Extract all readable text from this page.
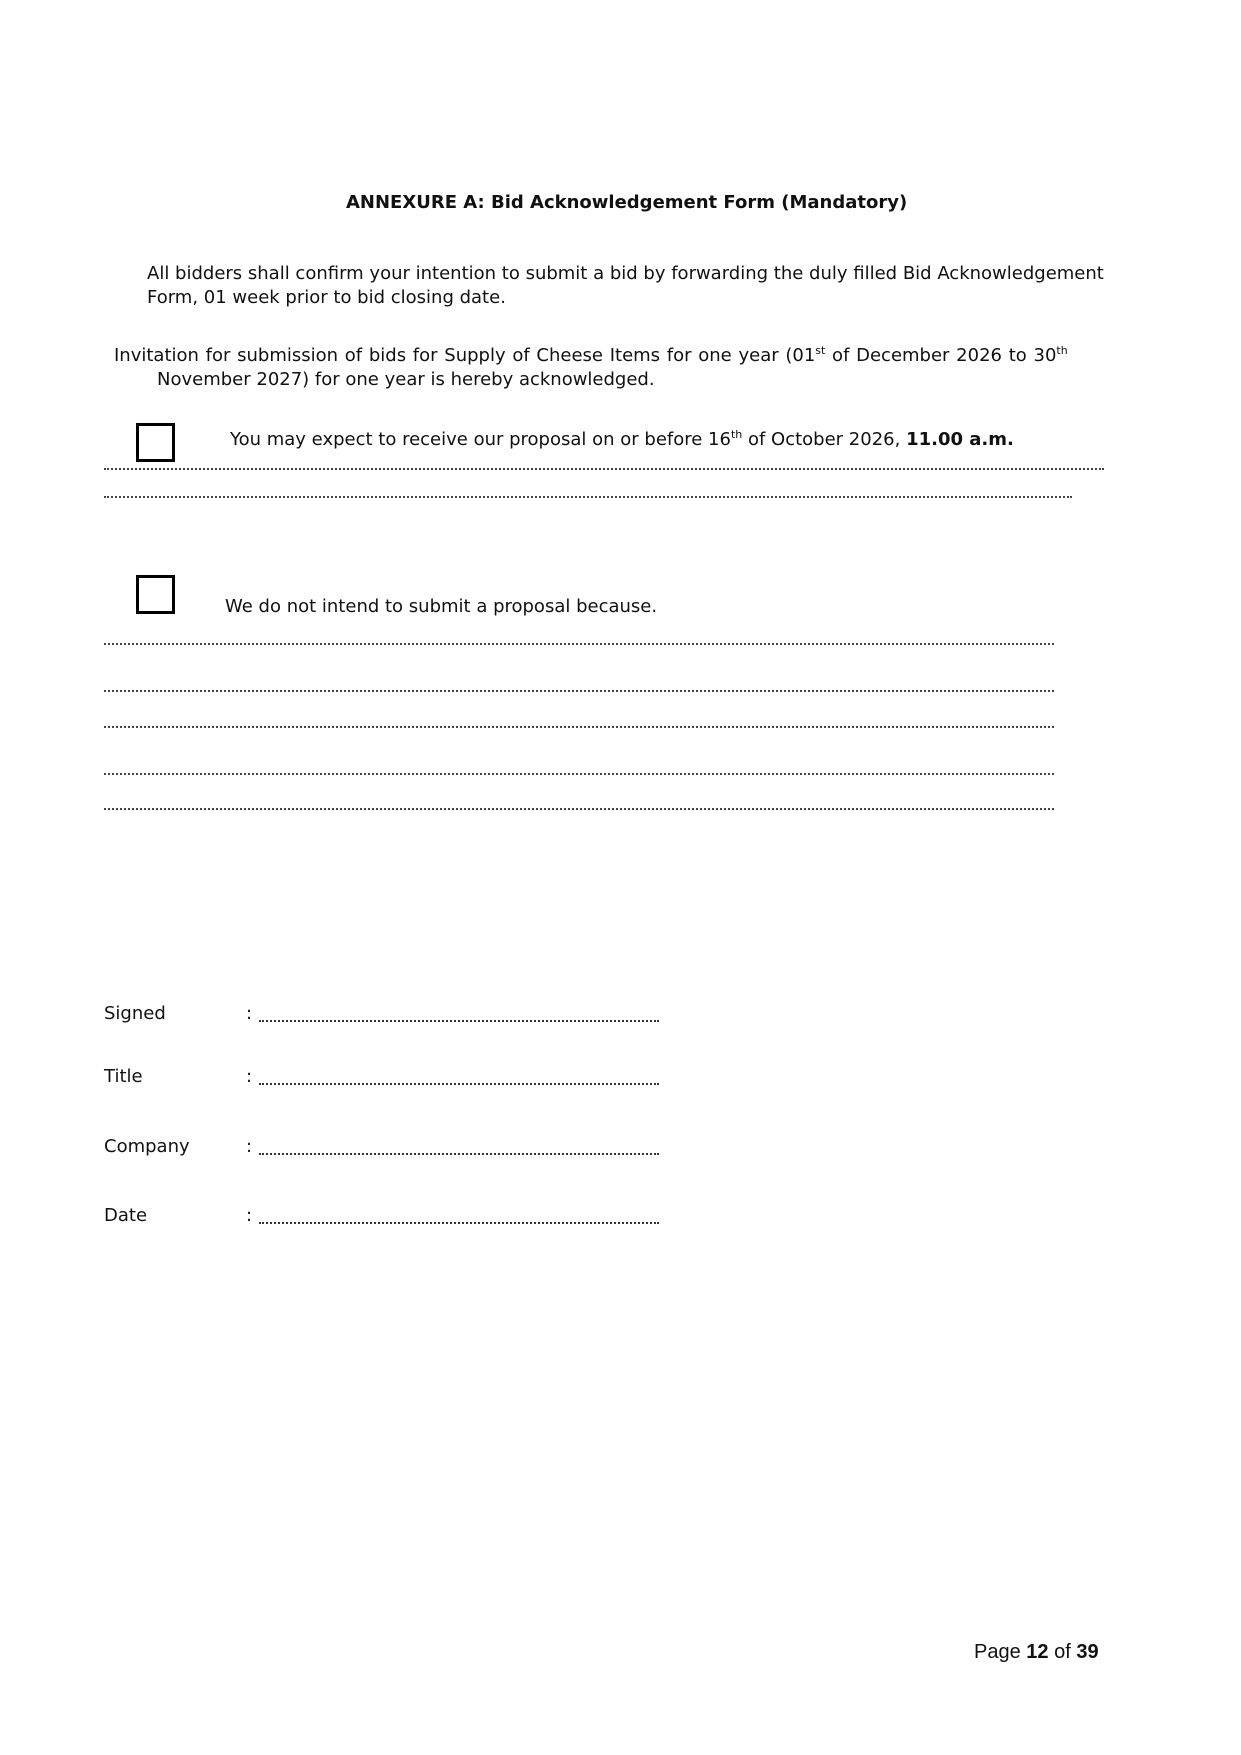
ANNEXURE A: Bid Acknowledgement Form (Mandatory)
All bidders shall confirm your intention to submit a bid by forwarding the duly filled Bid Acknowledgement
Form, 01 week prior to bid closing date.
Invitation for submission of bids for Supply of Cheese Items for one year (01st of December 2026 to 30th
November 2027) for one year is hereby acknowledged.
You may expect to receive our proposal on or before 16th of October 2026, 11.00 a.m.
We do not intend to submit a proposal because.
Signed	:
Title	:
Company	:
Date	:
Page 12 of 39
